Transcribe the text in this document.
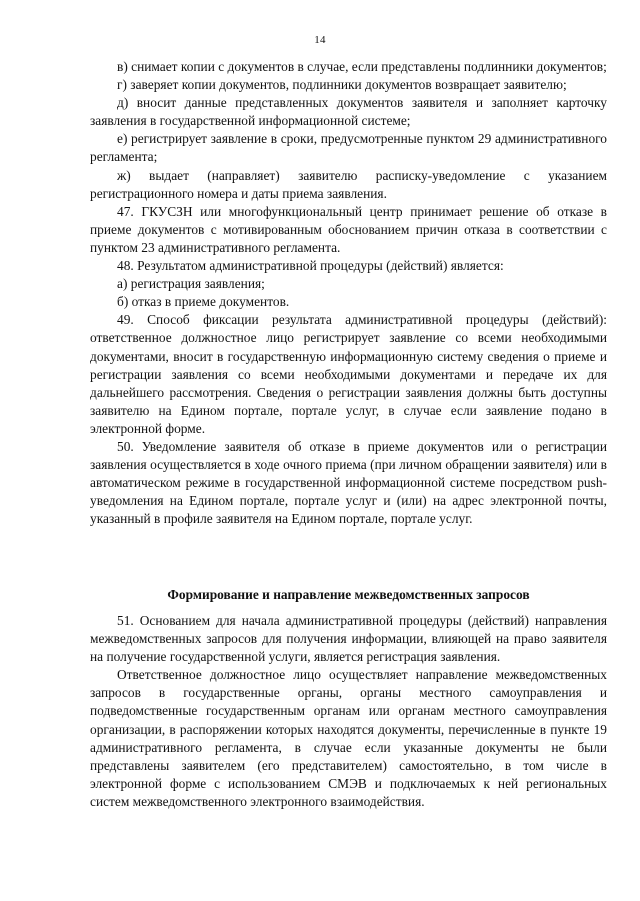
14

в) снимает копии с документов в случае, если представлены подлинники документов;

г) заверяет копии документов, подлинники документов возвращает заявителю;

д) вносит данные представленных документов заявителя и заполняет карточку заявления в государственной информационной системе;

е) регистрирует заявление в сроки, предусмотренные пунктом 29 административного регламента;

ж) выдает (направляет) заявителю расписку-уведомление с указанием регистрационного номера и даты приема заявления.

47. ГКУСЗН или многофункциональный центр принимает решение об отказе в приеме документов с мотивированным обоснованием причин отказа в соответствии с пунктом 23 административного регламента.

48. Результатом административной процедуры (действий) является:

а) регистрация заявления;

б) отказ в приеме документов.

49. Способ фиксации результата административной процедуры (действий): ответственное должностное лицо регистрирует заявление со всеми необходимыми документами, вносит в государственную информационную систему сведения о приеме и регистрации заявления со всеми необходимыми документами и передаче их для дальнейшего рассмотрения. Сведения о регистрации заявления должны быть доступны заявителю на Едином портале, портале услуг, в случае если заявление подано в электронной форме.

50. Уведомление заявителя об отказе в приеме документов или о регистрации заявления осуществляется в ходе очного приема (при личном обращении заявителя) или в автоматическом режиме в государственной информационной системе посредством push-уведомления на Едином портале, портале услуг и (или) на адрес электронной почты, указанный в профиле заявителя на Едином портале, портале услуг.

Формирование и направление межведомственных запросов

51. Основанием для начала административной процедуры (действий) направления межведомственных запросов для получения информации, влияющей на право заявителя на получение государственной услуги, является регистрация заявления.

Ответственное должностное лицо осуществляет направление межведомственных запросов в государственные органы, органы местного самоуправления и подведомственные государственным органам или органам местного самоуправления организации, в распоряжении которых находятся документы, перечисленные в пункте 19 административного регламента, в случае если указанные документы не были представлены заявителем (его представителем) самостоятельно, в том числе в электронной форме с использованием СМЭВ и подключаемых к ней региональных систем межведомственного электронного взаимодействия.
